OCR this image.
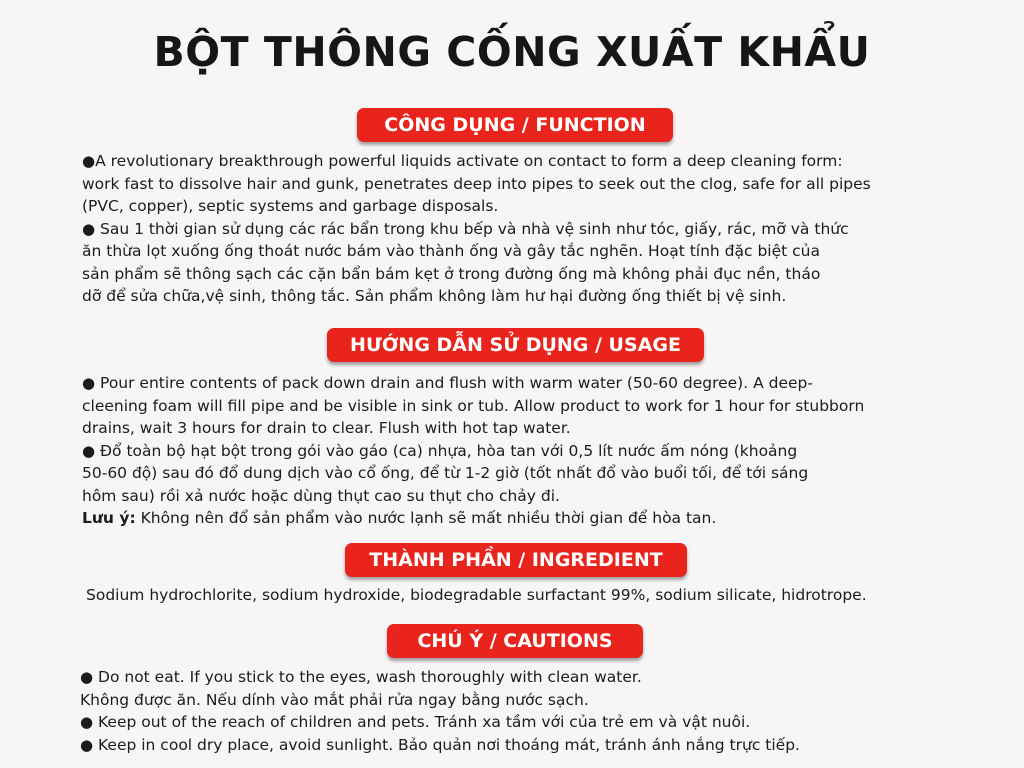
BỘT THÔNG CỐNG XUẤT KHẨU
CÔNG DỤNG / FUNCTION
●A revolutionary breakthrough powerful liquids activate on contact to form a deep cleaning form:
work fast to dissolve hair and gunk, penetrates deep into pipes to seek out the clog, safe for all pipes
(PVC, copper), septic systems and garbage disposals.
● Sau 1 thời gian sử dụng các rác bẩn trong khu bếp và nhà vệ sinh như tóc, giấy, rác, mỡ và thức
ăn thừa lọt xuống ống thoát nước bám vào thành ống và gây tắc nghẽn. Hoạt tính đặc biệt của
sản phẩm sẽ thông sạch các cặn bẩn bám kẹt ở trong đường ống mà không phải đục nền, tháo
dỡ để sửa chữa,vệ sinh, thông tắc. Sản phẩm không làm hư hại đường ống thiết bị vệ sinh.
HƯỚNG DẪN SỬ DỤNG / USAGE
● Pour entire contents of pack down drain and flush with warm water (50-60 degree). A deep-
cleening foam will fill pipe and be visible in sink or tub. Allow product to work for 1 hour for stubborn
drains, wait 3 hours for drain to clear. Flush with hot tap water.
● Đổ toàn bộ hạt bột trong gói vào gáo (ca) nhựa, hòa tan với 0,5 lít nước ấm nóng (khoảng
50-60 độ) sau đó đổ dung dịch vào cổ ống, để từ 1-2 giờ (tốt nhất đổ vào buổi tối, để tới sáng
hôm sau) rồi xả nước hoặc dùng thụt cao su thụt cho chảy đi.
Lưu ý: Không nên đổ sản phẩm vào nước lạnh sẽ mất nhiều thời gian để hòa tan.
THÀNH PHẦN / INGREDIENT
Sodium hydrochlorite, sodium hydroxide, biodegradable surfactant 99%, sodium silicate, hidrotrope.
CHÚ Ý / CAUTIONS
● Do not eat. If you stick to the eyes, wash thoroughly with clean water.
Không được ăn. Nếu dính vào mắt phải rửa ngay bằng nước sạch.
● Keep out of the reach of children and pets. Tránh xa tầm với của trẻ em và vật nuôi.
● Keep in cool dry place, avoid sunlight. Bảo quản nơi thoáng mát, tránh ánh nắng trực tiếp.
